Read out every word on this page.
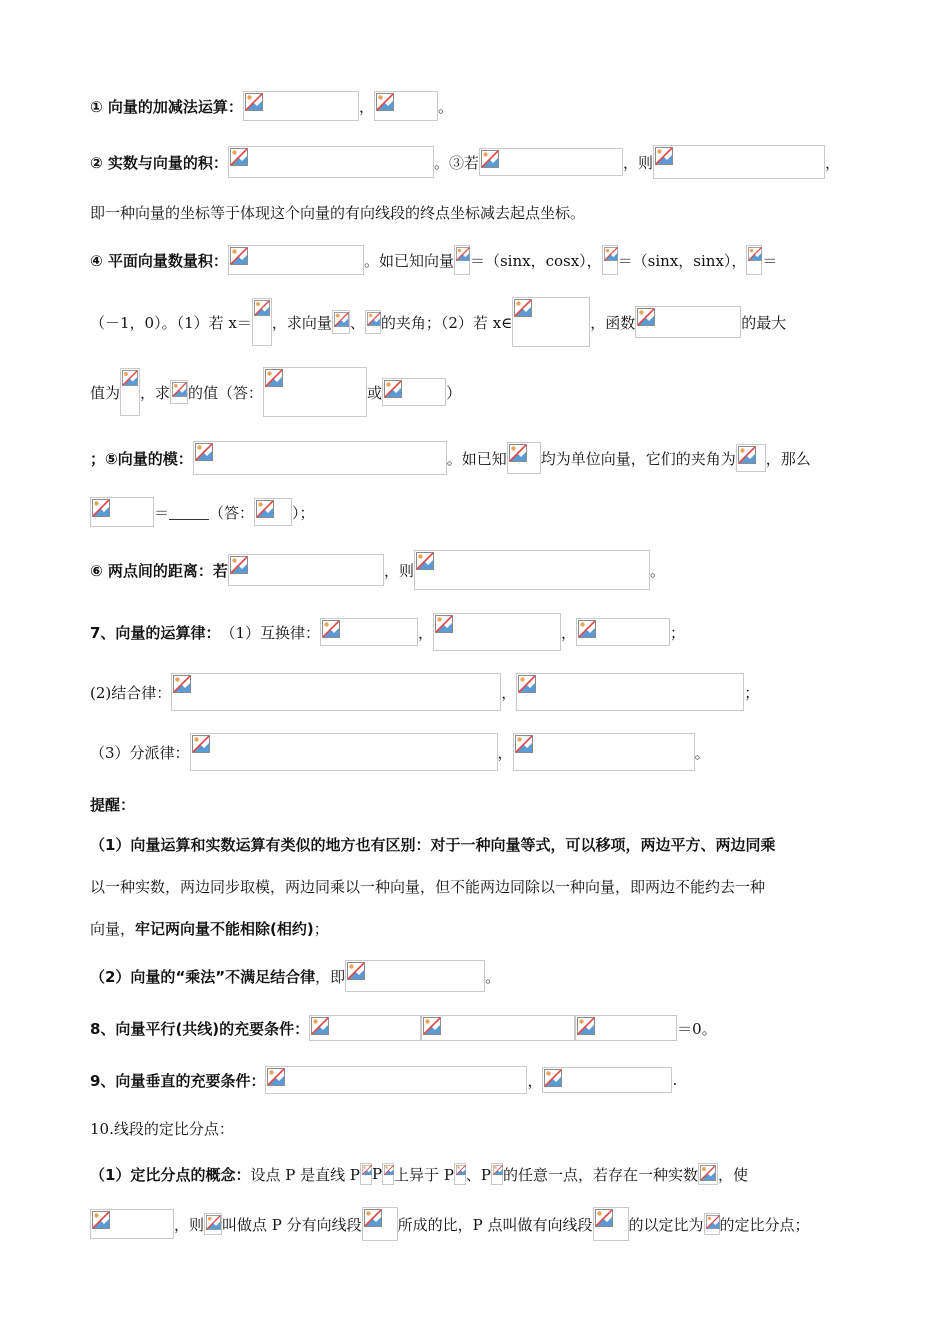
① 向量的加减法运算：	，	。
② 实数与向量的积：	。③若	，则	，
即一种向量的坐标等于体现这个向量的有向线段的终点坐标减去起点坐标。
④ 平面向量数量积：	。如已知向量 ＝（sinx，cosx）， ＝（sinx，sinx）， ＝
（－1，0）。（1）若 x＝ ，求向量 、 的夹角；（2）若 x∈	，函数	的最大
值为 ，求 的值（答：	或	）
；⑤向量的模：	。如已知 均为单位向量，它们的夹角为 ，那么
＝	（答：	）；
⑥ 两点间的距离：若	，则	。
7、向量的运算律： （1）互换律：	，	，	；
(2)结合律：	，	；
（3）分派律：	，	。
提醒：
（1）向量运算和实数运算有类似的地方也有区别：对于一种向量等式，可以移项，两边平方、两边同乘
以一种实数，两边同步取模，两边同乘以一种向量，但不能两边同除以一种向量，即两边不能约去一种
向量，牢记两向量不能相除(相约)；
（2）向量的“乘法”不满足结合律 ，即	。
8、向量平行(共线)的充要条件：	＝0。
9、向量垂直的充要条件：	，	.
10.线段的定比分点：
（1）定比分点的概念： 设点 P 是直线 P P 上异于 P 、P 的任意一点，若存在一种实数 ，使
，则 叫做点 P 分有向线段 所成的比，P 点叫做有向线段 的以定比为 的定比分点；
